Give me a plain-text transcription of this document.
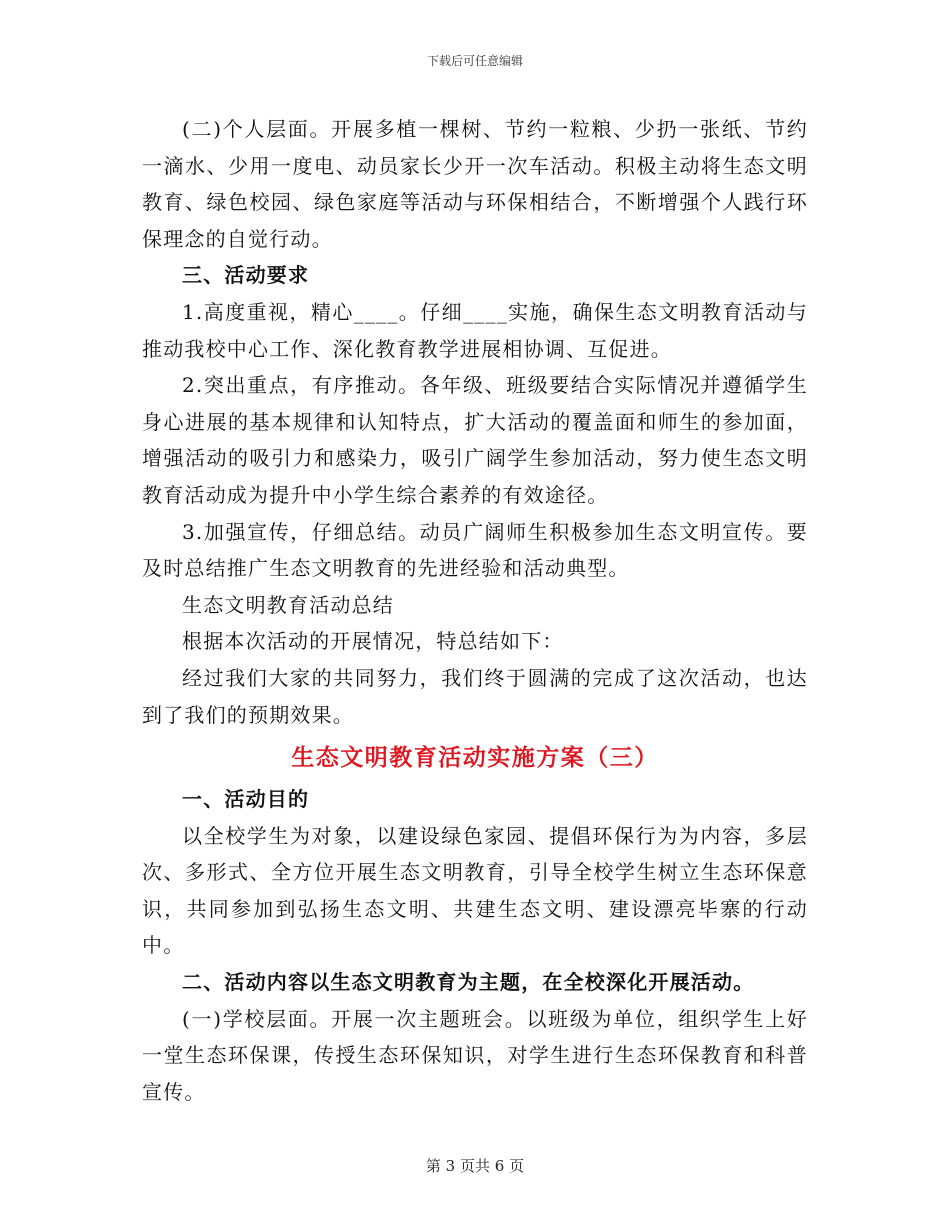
下载后可任意编辑

(二)个人层面。开展多植一棵树、节约一粒粮、少扔一张纸、节约一滴水、少用一度电、动员家长少开一次车活动。积极主动将生态文明教育、绿色校园、绿色家庭等活动与环保相结合，不断增强个人践行环保理念的自觉行动。

三、活动要求

1.高度重视，精心____。仔细____实施，确保生态文明教育活动与推动我校中心工作、深化教育教学进展相协调、互促进。

2.突出重点，有序推动。各年级、班级要结合实际情况并遵循学生身心进展的基本规律和认知特点，扩大活动的覆盖面和师生的参加面，增强活动的吸引力和感染力，吸引广阔学生参加活动，努力使生态文明教育活动成为提升中小学生综合素养的有效途径。

3.加强宣传，仔细总结。动员广阔师生积极参加生态文明宣传。要及时总结推广生态文明教育的先进经验和活动典型。

生态文明教育活动总结

根据本次活动的开展情况，特总结如下：

经过我们大家的共同努力，我们终于圆满的完成了这次活动，也达到了我们的预期效果。

生态文明教育活动实施方案（三）

一、活动目的

以全校学生为对象，以建设绿色家园、提倡环保行为为内容，多层次、多形式、全方位开展生态文明教育，引导全校学生树立生态环保意识，共同参加到弘扬生态文明、共建生态文明、建设漂亮毕寨的行动中。

二、活动内容以生态文明教育为主题，在全校深化开展活动。

(一)学校层面。开展一次主题班会。以班级为单位，组织学生上好一堂生态环保课，传授生态环保知识，对学生进行生态环保教育和科普宣传。

第 3 页共 6 页
